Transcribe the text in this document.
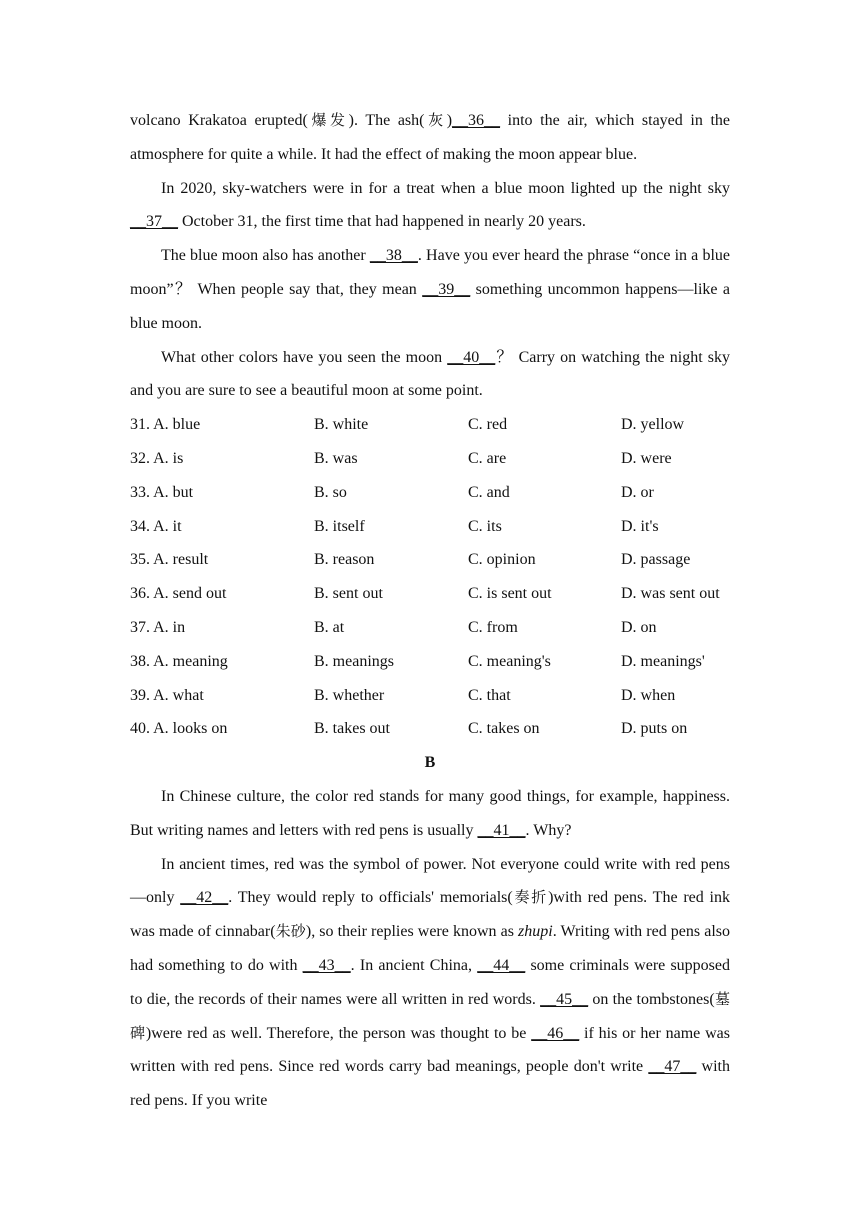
volcano Krakatoa erupted(爆发). The ash(灰)__36__ into the air, which stayed in the atmosphere for quite a while. It had the effect of making the moon appear blue.

In 2020, sky-watchers were in for a treat when a blue moon lighted up the night sky __37__ October 31, the first time that had happened in nearly 20 years.

The blue moon also has another __38__. Have you ever heard the phrase “once in a blue moon”？ When people say that, they mean __39__ something uncommon happens—like a blue moon.

What other colors have you seen the moon __40__？ Carry on watching the night sky and you are sure to see a beautiful moon at some point.

31. A. blue	B. white	C. red	D. yellow
32. A. is	B. was	C. are	D. were
33. A. but	B. so	C. and	D. or
34. A. it	B. itself	C. its	D. it's
35. A. result	B. reason	C. opinion	D. passage
36. A. send out	B. sent out	C. is sent out	D. was sent out
37. A. in	B. at	C. from	D. on
38. A. meaning	B. meanings	C. meaning's	D. meanings'
39. A. what	B. whether	C. that	D. when
40. A. looks on	B. takes out	C. takes on	D. puts on

B

In Chinese culture, the color red stands for many good things, for example, happiness. But writing names and letters with red pens is usually __41__. Why?

In ancient times, red was the symbol of power. Not everyone could write with red pens—only __42__. They would reply to officials' memorials(奏折)with red pens. The red ink was made of cinnabar(朱砂), so their replies were known as zhupi. Writing with red pens also had something to do with __43__. In ancient China, __44__ some criminals were supposed to die, the records of their names were all written in red words. __45__ on the tombstones(墓碑)were red as well. Therefore, the person was thought to be __46__ if his or her name was written with red pens. Since red words carry bad meanings, people don't write __47__ with red pens. If you write
